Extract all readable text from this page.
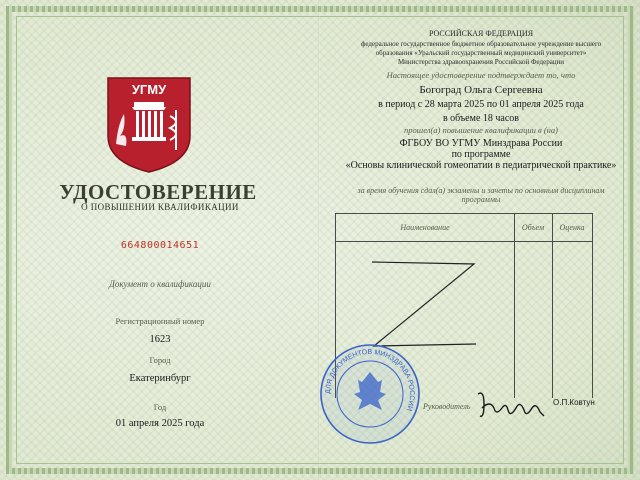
УГМУ
УДОСТОВЕРЕНИЕ
О ПОВЫШЕНИИ КВАЛИФИКАЦИИ
664800014651
Документ о квалификации
Регистрационный номер
1623
Город
Екатеринбург
Год
01 апреля 2025 года
РОССИЙСКАЯ ФЕДЕРАЦИЯ
федеральное государственное бюджетное образовательное учреждение высшего
образования «Уральский государственный медицинский университет»
Министерства здравоохранения Российской Федерации
Настоящее удостоверение подтверждает то, что
Богоград Ольга Сергеевна
в период с 28 марта 2025 по 01 апреля 2025 года
в объеме 18 часов
прошел(а) повышение квалификации в (на)
ФГБОУ ВО УГМУ Минздрава России
по программе
«Основы клинической гомеопатии в педиатрической практике»
за время обучения сдал(а) экзамены и зачеты по основным дисциплинам
программы
Наименование	Объем	Оценка
ДЛЯ ДОКУМЕНТОВ МИНЗДРАВА РОССИИ Руководитель	О.П.Ковтун
